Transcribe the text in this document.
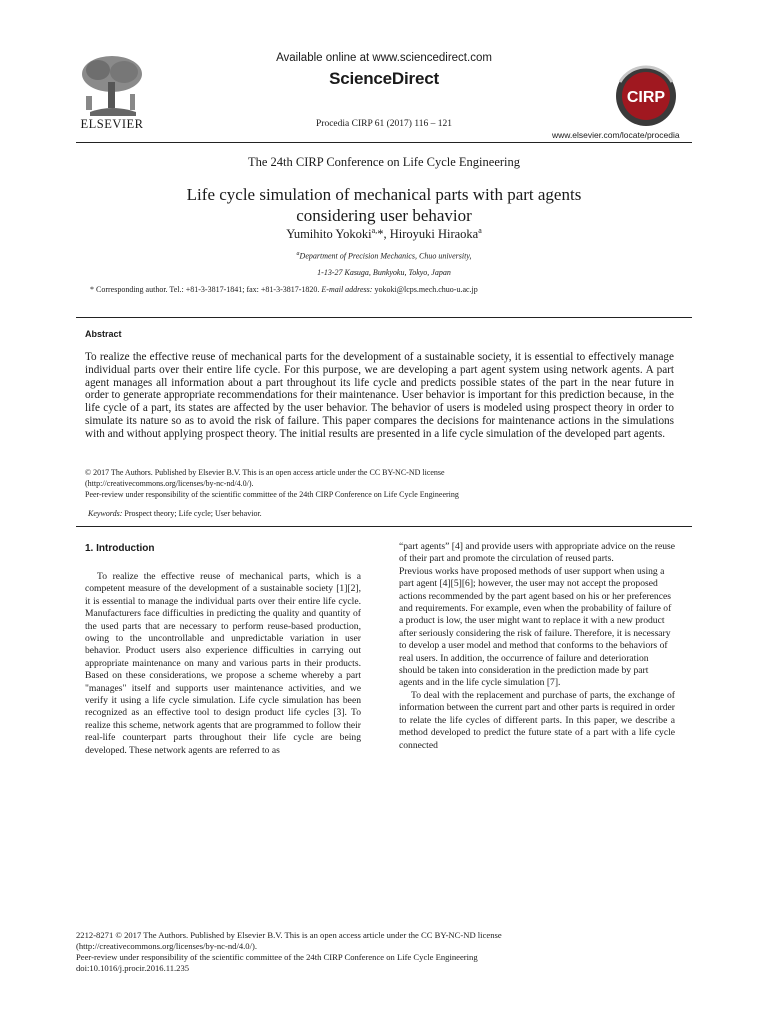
ELSEVIER
Available online at www.sciencedirect.com
ScienceDirect
Procedia CIRP 61 (2017) 116 – 121
CIRP
www.elsevier.com/locate/procedia
The 24th CIRP Conference on Life Cycle Engineering
Life cycle simulation of mechanical parts with part agents
considering user behavior
Yumihito Yokoki$^{a,}$*, Hiroyuki Hiraoka$^a$
$^a$Department of Precision Mechanics, Chuo university,
1-13-27 Kasuga, Bunkyoku, Tokyo, Japan
* Corresponding author. Tel.: +81-3-3817-1841; fax: +81-3-3817-1820. E-mail address: yokoki@lcps.mech.chuo-u.ac.jp
Abstract

To realize the effective reuse of mechanical parts for the development of a sustainable society, it is essential to effectively manage individual parts over their entire life cycle. For this purpose, we are developing a part agent system using network agents. A part agent manages all information about a part throughout its life cycle and predicts possible states of the part in the near future in order to generate appropriate recommendations for their maintenance. User behavior is important for this prediction because, in the life cycle of a part, its states are affected by the user behavior. The behavior of users is modeled using prospect theory in order to simulate its nature so as to avoid the risk of failure. This paper compares the decisions for maintenance actions in the simulations with and without applying prospect theory. The initial results are presented in a life cycle simulation of the developed part agents.

© 2017 The Authors. Published by Elsevier B.V. This is an open access article under the CC BY-NC-ND license
(http://creativecommons.org/licenses/by-nc-nd/4.0/).
Peer-review under responsibility of the scientific committee of the 24th CIRP Conference on Life Cycle Engineering
Keywords: Prospect theory; Life cycle; User behavior.
1. Introduction

To realize the effective reuse of mechanical parts, which is a competent measure of the development of a sustainable society [1][2], it is essential to manage the individual parts over their entire life cycle. Manufacturers face difficulties in predicting the quality and quantity of the used parts that are necessary to perform reuse-based production, owing to the uncontrollable and unpredictable variation in user behavior. Product users also experience difficulties in carrying out appropriate maintenance on many and various parts in their products. Based on these considerations, we propose a scheme whereby a part "manages" itself and supports user maintenance activities, and we verify it using a life cycle simulation. Life cycle simulation has been recognized as an effective tool to design product life cycles [3]. To realize this scheme, network agents that are programmed to follow their real-life counterpart parts throughout their life cycle are being developed. These network agents are referred to as

“part agents” [4] and provide users with appropriate advice on the reuse of their part and promote the circulation of reused parts.

Previous works have proposed methods of user support when using a part agent [4][5][6]; however, the user may not accept the proposed actions recommended by the part agent based on his or her preferences and requirements. For example, even when the probability of failure of a product is low, the user might want to replace it with a new product after seriously considering the risk of failure. Therefore, it is necessary to develop a user model and method that conforms to the behaviors of real users. In addition, the occurrence of failure and deterioration should be taken into consideration in the prediction made by part agents and in the life cycle simulation [7].

To deal with the replacement and purchase of parts, the exchange of information between the current part and other parts is required in order to relate the life cycles of different parts. In this paper, we describe a method developed to predict the future state of a part with a life cycle connected

2212-8271 © 2017 The Authors. Published by Elsevier B.V. This is an open access article under the CC BY-NC-ND license
(http://creativecommons.org/licenses/by-nc-nd/4.0/).
Peer-review under responsibility of the scientific committee of the 24th CIRP Conference on Life Cycle Engineering
doi:10.1016/j.procir.2016.11.235
